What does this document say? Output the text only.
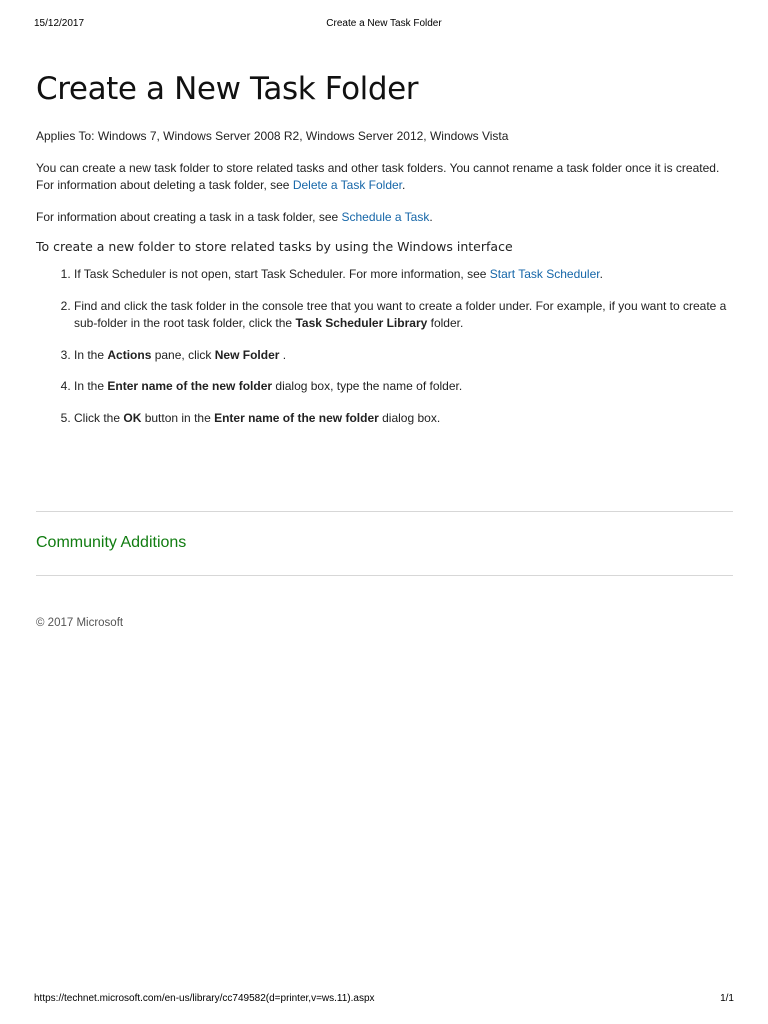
15/12/2017	Create a New Task Folder
Create a New Task Folder

Applies To: Windows 7, Windows Server 2008 R2, Windows Server 2012, Windows Vista

You can create a new task folder to store related tasks and other task folders. You cannot rename a task folder once it is created. For information about deleting a task folder, see Delete a Task Folder.

For information about creating a task in a task folder, see Schedule a Task.

To create a new folder to store related tasks by using the Windows interface
1. If Task Scheduler is not open, start Task Scheduler. For more information, see Start Task Scheduler.
2. Find and click the task folder in the console tree that you want to create a folder under. For example, if you want to create a sub-folder in the root task folder, click the Task Scheduler Library folder.
3. In the Actions pane, click New Folder .
4. In the Enter name of the new folder dialog box, type the name of folder.
5. Click the OK button in the Enter name of the new folder dialog box.
Community Additions
© 2017 Microsoft
https://technet.microsoft.com/en-us/library/cc749582(d=printer,v=ws.11).aspx	1/1
